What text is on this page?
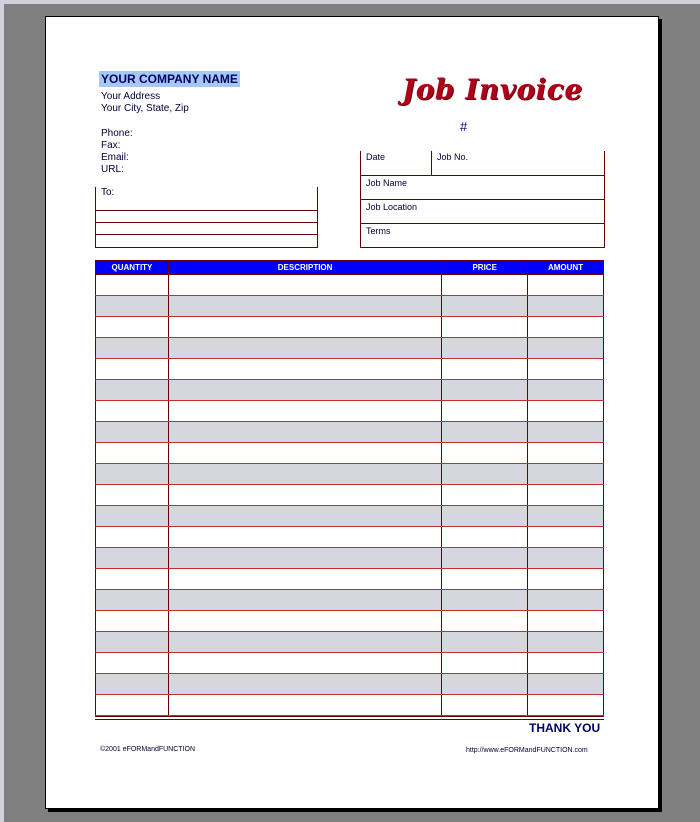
YOUR COMPANY NAME
Your Address
Your City, State, Zip
Phone:
Fax:
Email:
URL:
Job Invoice
#
To:
Date	Job No.
Job Name
Job Location
Terms
QUANTITY	DESCRIPTION	PRICE	AMOUNT

THANK YOU
©2001 eFORMandFUNCTION	http://www.eFORMandFUNCTION.com
